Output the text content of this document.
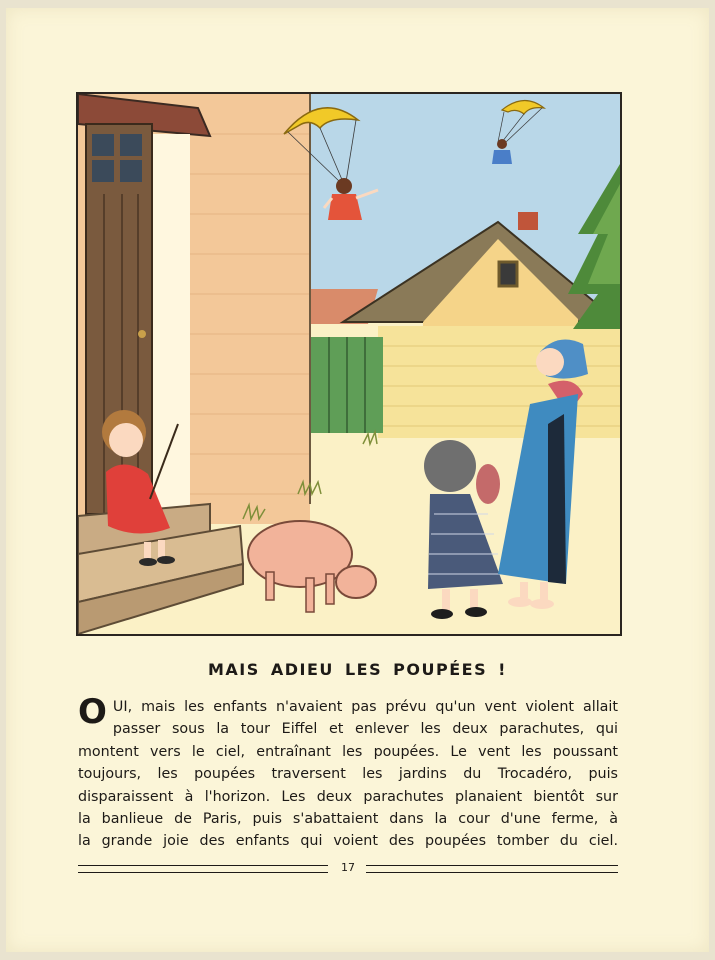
MAIS ADIEU LES POUPÉES !
O UI, mais les enfants n'avaient pas prévu qu'un vent violent allait
passer sous la tour Eiffel et enlever les deux parachutes, qui
montent vers le ciel, entraînant les poupées. Le vent les poussant
toujours, les poupées traversent les jardins du Trocadéro, puis
disparaissent à l'horizon. Les deux parachutes planaient bientôt sur
la banlieue de Paris, puis s'abattaient dans la cour d'une ferme, à
la grande joie des enfants qui voient des poupées tomber du ciel.
17
